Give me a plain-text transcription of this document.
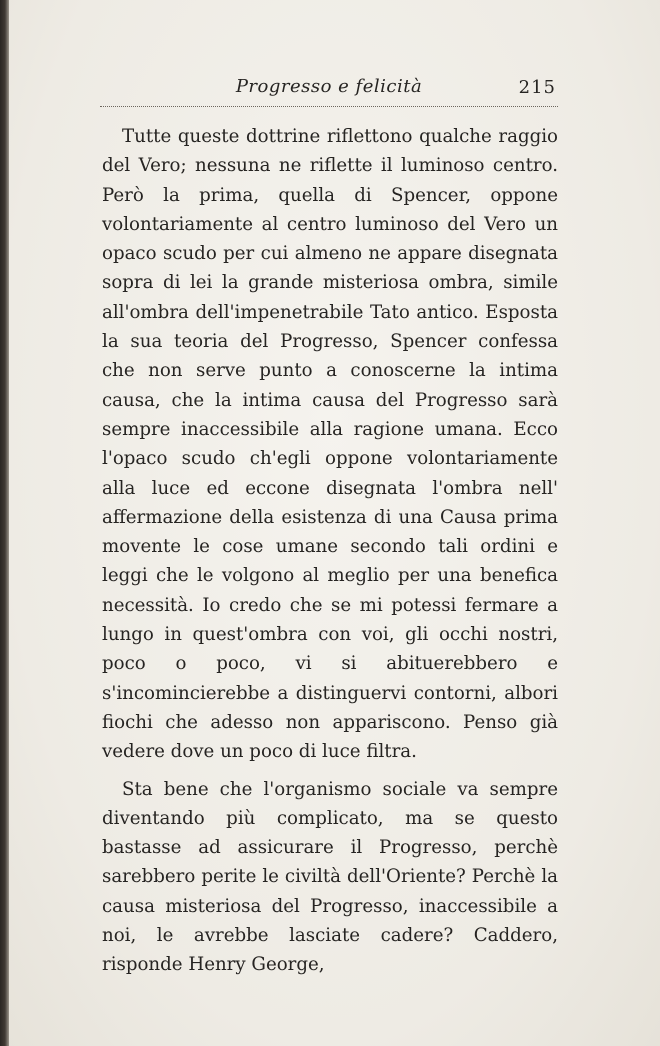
Progresso e felicità	215

Tutte queste dottrine riflettono qualche raggio del Vero; nessuna ne riflette il luminoso centro. Però la prima, quella di Spencer, oppone volontariamente al centro luminoso del Vero un opaco scudo per cui almeno ne appare disegnata sopra di lei la grande misteriosa ombra, simile all'ombra dell'impenetrabile Tato antico. Esposta la sua teoria del Progresso, Spencer confessa che non serve punto a conoscerne la intima causa, che la intima causa del Progresso sarà sempre inaccessibile alla ragione umana. Ecco l'opaco scudo ch'egli oppone volontariamente alla luce ed eccone disegnata l'ombra nell' affermazione della esistenza di una Causa prima movente le cose umane secondo tali ordini e leggi che le volgono al meglio per una benefica necessità. Io credo che se mi potessi fermare a lungo in quest'ombra con voi, gli occhi nostri, poco o poco, vi si abituerebbero e s'incomincierebbe a distinguervi contorni, albori fiochi che adesso non appariscono. Penso già vedere dove un poco di luce filtra.

Sta bene che l'organismo sociale va sempre diventando più complicato, ma se questo bastasse ad assicurare il Progresso, perchè sarebbero perite le civiltà dell'Oriente? Perchè la causa misteriosa del Progresso, inaccessibile a noi, le avrebbe lasciate cadere? Caddero, risponde Henry George,
